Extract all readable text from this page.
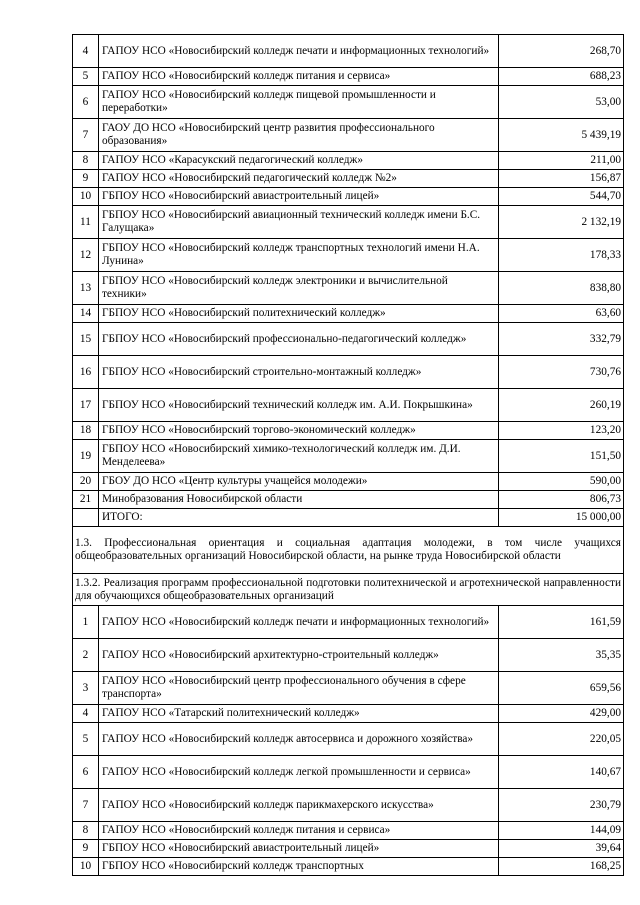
4	ГАПОУ НСО «Новосибирский колледж печати и информационных технологий»	268,70
5	ГАПОУ НСО «Новосибирский колледж питания и сервиса»	688,23
6	ГАПОУ НСО «Новосибирский колледж пищевой промышленности и переработки»	53,00
7	ГАОУ ДО НСО «Новосибирский центр развития профессионального образования»	5 439,19
8	ГАПОУ НСО «Карасукский педагогический колледж»	211,00
9	ГАПОУ НСО «Новосибирский педагогический колледж №2»	156,87
10	ГБПОУ НСО «Новосибирский авиастроительный лицей»	544,70
11	ГБПОУ НСО «Новосибирский авиационный технический колледж имени Б.С. Галущака»	2 132,19
12	ГБПОУ НСО «Новосибирский колледж транспортных технологий имени Н.А. Лунина»	178,33
13	ГБПОУ НСО «Новосибирский колледж электроники и вычислительной техники»	838,80
14	ГБПОУ НСО «Новосибирский политехнический колледж»	63,60
15	ГБПОУ НСО «Новосибирский профессионально-педагогический колледж»	332,79
16	ГБПОУ НСО «Новосибирский строительно-монтажный колледж»	730,76
17	ГБПОУ НСО «Новосибирский технический колледж им. А.И. Покрышкина»	260,19
18	ГБПОУ НСО «Новосибирский торгово-экономический колледж»	123,20
19	ГБПОУ НСО «Новосибирский химико-технологический колледж им. Д.И. Менделеева»	151,50
20	ГБОУ ДО НСО «Центр культуры учащейся молодежи»	590,00
21	Минобразования Новосибирской области	806,73
	ИТОГО:	15 000,00
1.3. Профессиональная ориентация и социальная адаптация молодежи, в том числе учащихся общеобразовательных организаций Новосибирской области, на рынке труда Новосибирской области		
1.3.2. Реализация программ профессиональной подготовки политехнической и агротехнической направленности для обучающихся общеобразовательных организаций		
1	ГАПОУ НСО «Новосибирский колледж печати и информационных технологий»	161,59
2	ГАПОУ НСО «Новосибирский архитектурно-строительный колледж»	35,35
3	ГАПОУ НСО «Новосибирский центр профессионального обучения в сфере транспорта»	659,56
4	ГАПОУ НСО «Татарский политехнический колледж»	429,00
5	ГАПОУ НСО «Новосибирский колледж автосервиса и дорожного хозяйства»	220,05
6	ГАПОУ НСО «Новосибирский колледж легкой промышленности и сервиса»	140,67
7	ГАПОУ НСО «Новосибирский колледж парикмахерского искусства»	230,79
8	ГАПОУ НСО «Новосибирский колледж питания и сервиса»	144,09
9	ГБПОУ НСО «Новосибирский авиастроительный лицей»	39,64
10	ГБПОУ НСО «Новосибирский колледж транспортных	168,25
